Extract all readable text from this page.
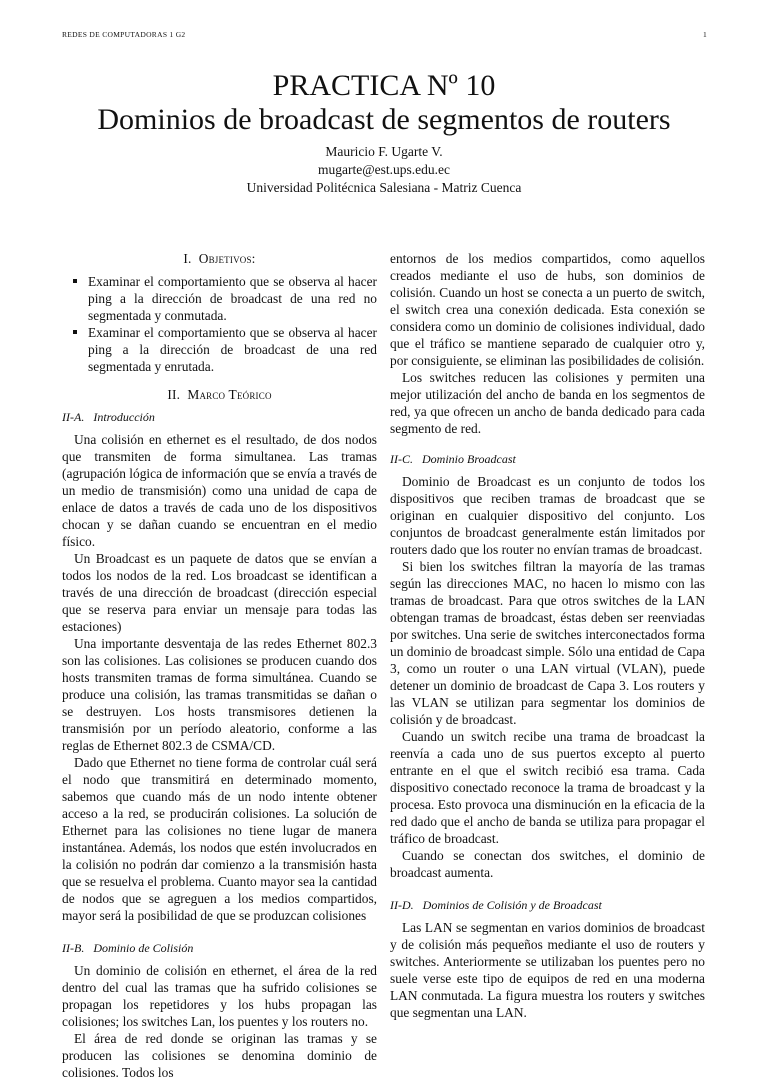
REDES DE COMPUTADORAS 1 G2	1
PRACTICA Nº 10
Dominios de broadcast de segmentos de routers
Mauricio F. Ugarte V.
mugarte@est.ups.edu.ec
Universidad Politécnica Salesiana - Matriz Cuenca
I. Objetivos:
Examinar el comportamiento que se observa al hacer ping a la dirección de broadcast de una red no segmentada y conmutada.
Examinar el comportamiento que se observa al hacer ping a la dirección de broadcast de una red segmentada y enrutada.
II. Marco Teórico
II-A. Introducción

Una colisión en ethernet es el resultado, de dos nodos que transmiten de forma simultanea. Las tramas (agrupación lógica de información que se envía a través de un medio de transmisión) como una unidad de capa de enlace de datos a través de cada uno de los dispositivos chocan y se dañan cuando se encuentran en el medio físico.

Un Broadcast es un paquete de datos que se envían a todos los nodos de la red. Los broadcast se identifican a través de una dirección de broadcast (dirección especial que se reserva para enviar un mensaje para todas las estaciones)

Una importante desventaja de las redes Ethernet 802.3 son las colisiones. Las colisiones se producen cuando dos hosts transmiten tramas de forma simultánea. Cuando se produce una colisión, las tramas transmitidas se dañan o se destruyen. Los hosts transmisores detienen la transmisión por un período aleatorio, conforme a las reglas de Ethernet 802.3 de CSMA/CD.

Dado que Ethernet no tiene forma de controlar cuál será el nodo que transmitirá en determinado momento, sabemos que cuando más de un nodo intente obtener acceso a la red, se producirán colisiones. La solución de Ethernet para las colisiones no tiene lugar de manera instantánea. Además, los nodos que estén involucrados en la colisión no podrán dar comienzo a la transmisión hasta que se resuelva el problema. Cuanto mayor sea la cantidad de nodos que se agreguen a los medios compartidos, mayor será la posibilidad de que se produzcan colisiones

II-B. Dominio de Colisión

Un dominio de colisión en ethernet, el área de la red dentro del cual las tramas que ha sufrido colisiones se propagan los repetidores y los hubs propagan las colisiones; los switches Lan, los puentes y los routers no.

El área de red donde se originan las tramas y se producen las colisiones se denomina dominio de colisiones. Todos los

entornos de los medios compartidos, como aquellos creados mediante el uso de hubs, son dominios de colisión. Cuando un host se conecta a un puerto de switch, el switch crea una conexión dedicada. Esta conexión se considera como un dominio de colisiones individual, dado que el tráfico se mantiene separado de cualquier otro y, por consiguiente, se eliminan las posibilidades de colisión.

Los switches reducen las colisiones y permiten una mejor utilización del ancho de banda en los segmentos de red, ya que ofrecen un ancho de banda dedicado para cada segmento de red.

II-C. Dominio Broadcast

Dominio de Broadcast es un conjunto de todos los dispositivos que reciben tramas de broadcast que se originan en cualquier dispositivo del conjunto. Los conjuntos de broadcast generalmente están limitados por routers dado que los router no envían tramas de broadcast.

Si bien los switches filtran la mayoría de las tramas según las direcciones MAC, no hacen lo mismo con las tramas de broadcast. Para que otros switches de la LAN obtengan tramas de broadcast, éstas deben ser reenviadas por switches. Una serie de switches interconectados forma un dominio de broadcast simple. Sólo una entidad de Capa 3, como un router o una LAN virtual (VLAN), puede detener un dominio de broadcast de Capa 3. Los routers y las VLAN se utilizan para segmentar los dominios de colisión y de broadcast.

Cuando un switch recibe una trama de broadcast la reenvía a cada uno de sus puertos excepto al puerto entrante en el que el switch recibió esa trama. Cada dispositivo conectado reconoce la trama de broadcast y la procesa. Esto provoca una disminución en la eficacia de la red dado que el ancho de banda se utiliza para propagar el tráfico de broadcast.

Cuando se conectan dos switches, el dominio de broadcast aumenta.

II-D. Dominios de Colisión y de Broadcast

Las LAN se segmentan en varios dominios de broadcast y de colisión más pequeños mediante el uso de routers y switches. Anteriormente se utilizaban los puentes pero no suele verse este tipo de equipos de red en una moderna LAN conmutada. La figura muestra los routers y switches que segmentan una LAN.
